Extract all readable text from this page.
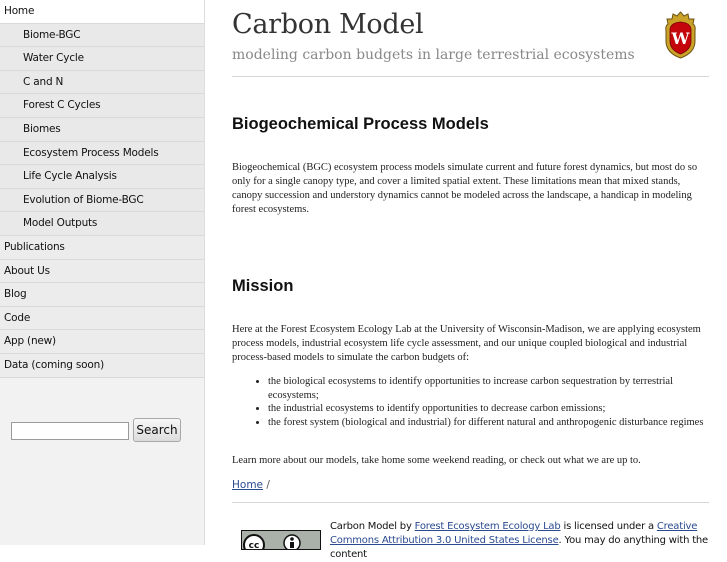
Home
Biome-BGC
Water Cycle
C and N
Forest C Cycles
Biomes
Ecosystem Process Models
Life Cycle Analysis
Evolution of Biome-BGC
Model Outputs
Publications
About Us
Blog
Code
App (new)
Data (coming soon)
Search
Carbon Model
modeling carbon budgets in large terrestrial ecosystems
W
Biogeochemical Process Models

Biogeochemical (BGC) ecosystem process models simulate current and future forest dynamics, but most do so only for a single canopy type, and cover a limited spatial extent. These limitations mean that mixed stands, canopy succession and understory dynamics cannot be modeled across the landscape, a handicap in modeling forest ecosystems.

Mission

Here at the Forest Ecosystem Ecology Lab at the University of Wisconsin-Madison, we are applying ecosystem process models, industrial ecosystem life cycle assessment, and our unique coupled biological and industrial process-based models to simulate the carbon budgets of:

• the biological ecosystems to identify opportunities to increase carbon sequestration by terrestrial ecosystems;
• the industrial ecosystems to identify opportunities to decrease carbon emissions;
• the forest system (biological and industrial) for different natural and anthropogenic disturbance regimes

Learn more about our models, take home some weekend reading, or check out what we are up to.

Home /
cc
Carbon Model by Forest Ecosystem Ecology Lab is licensed under a Creative Commons Attribution 3.0 United States License. You may do anything with the content
